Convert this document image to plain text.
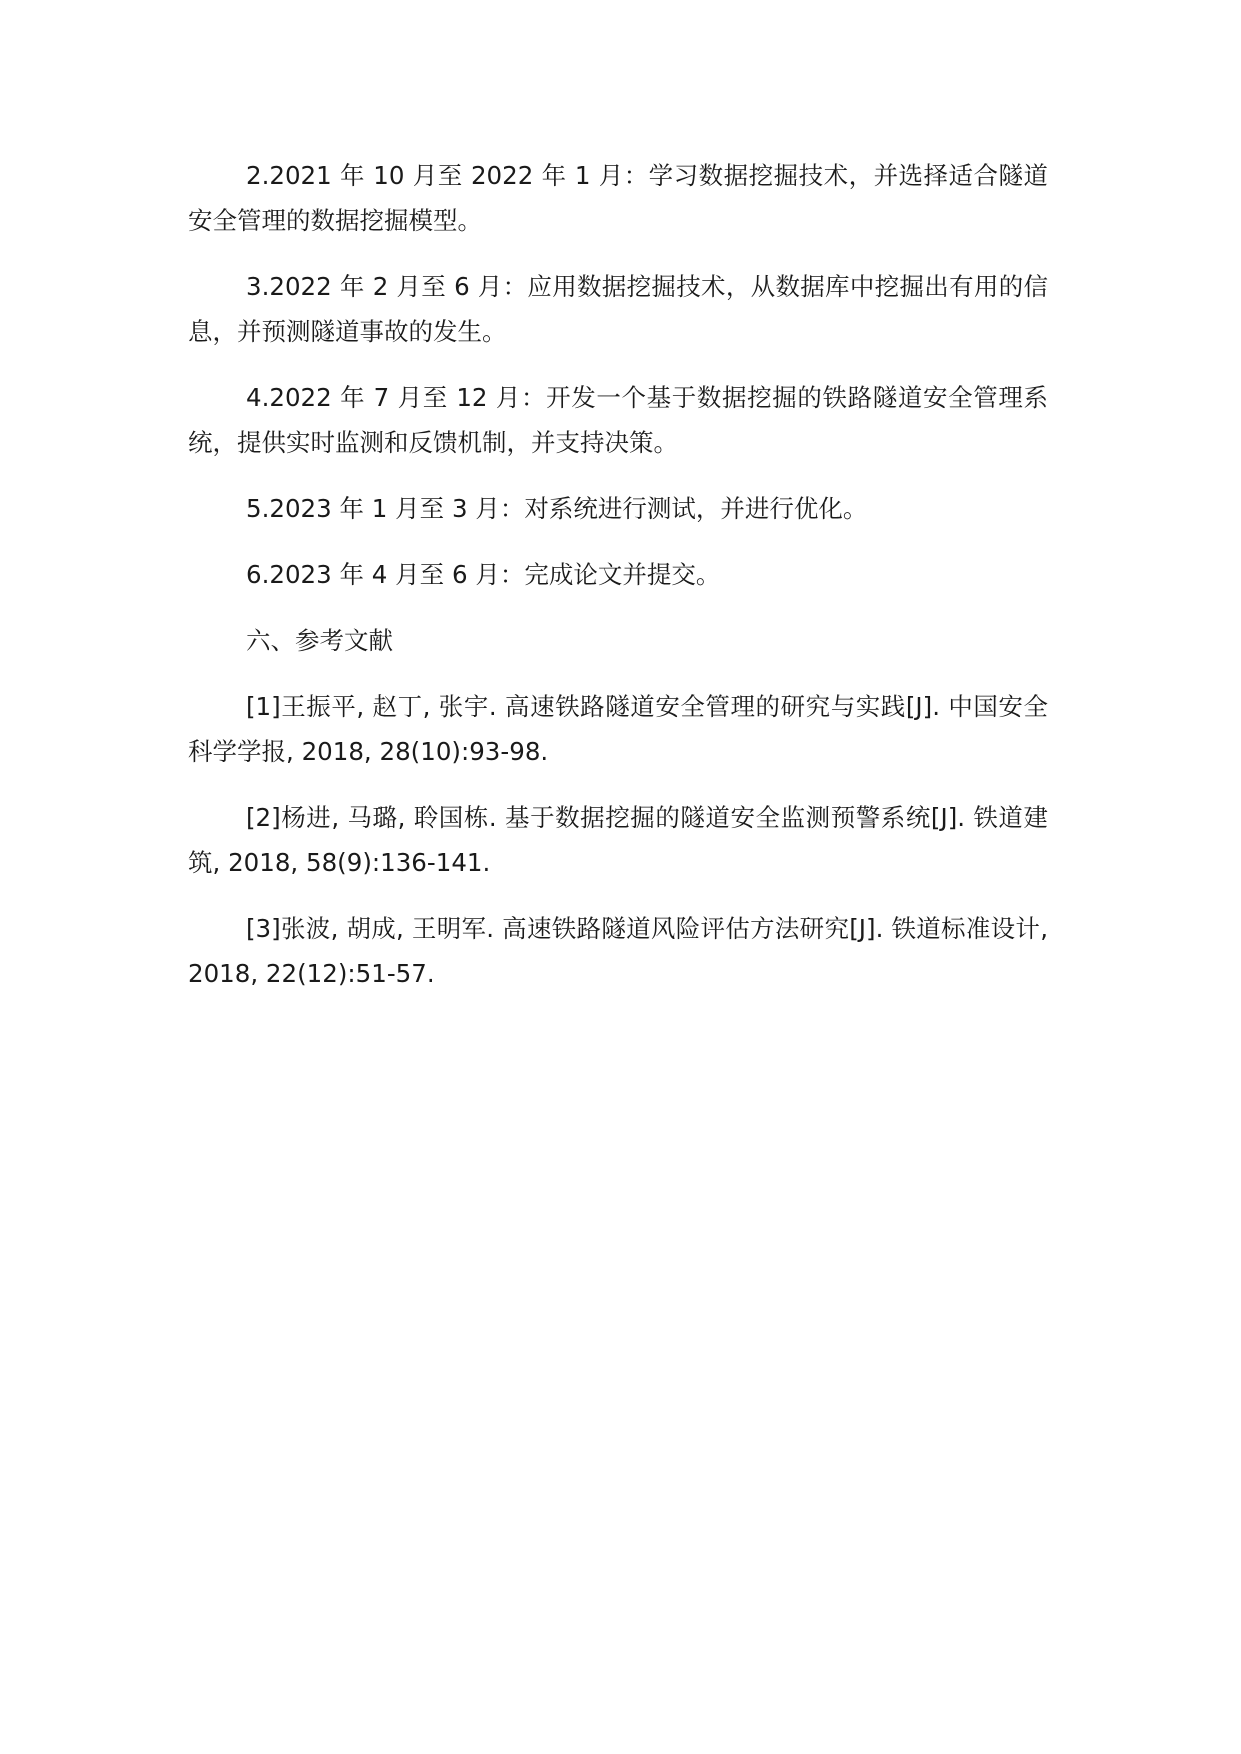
2.2021 年 10 月至 2022 年 1 月：学习数据挖掘技术，并选择适合隧道安全管理的数据挖掘模型。

3.2022 年 2 月至 6 月：应用数据挖掘技术，从数据库中挖掘出有用的信息，并预测隧道事故的发生。

4.2022 年 7 月至 12 月：开发一个基于数据挖掘的铁路隧道安全管理系统，提供实时监测和反馈机制，并支持决策。

5.2023 年 1 月至 3 月：对系统进行测试，并进行优化。

6.2023 年 4 月至 6 月：完成论文并提交。

六、参考文献

[1]王振平, 赵丁, 张宇. 高速铁路隧道安全管理的研究与实践[J]. 中国安全科学学报, 2018, 28(10):93-98.

[2]杨进, 马璐, 聆国栋. 基于数据挖掘的隧道安全监测预警系统[J]. 铁道建筑, 2018, 58(9):136-141.

[3]张波, 胡成, 王明军. 高速铁路隧道风险评估方法研究[J]. 铁道标准设计, 2018, 22(12):51-57.
